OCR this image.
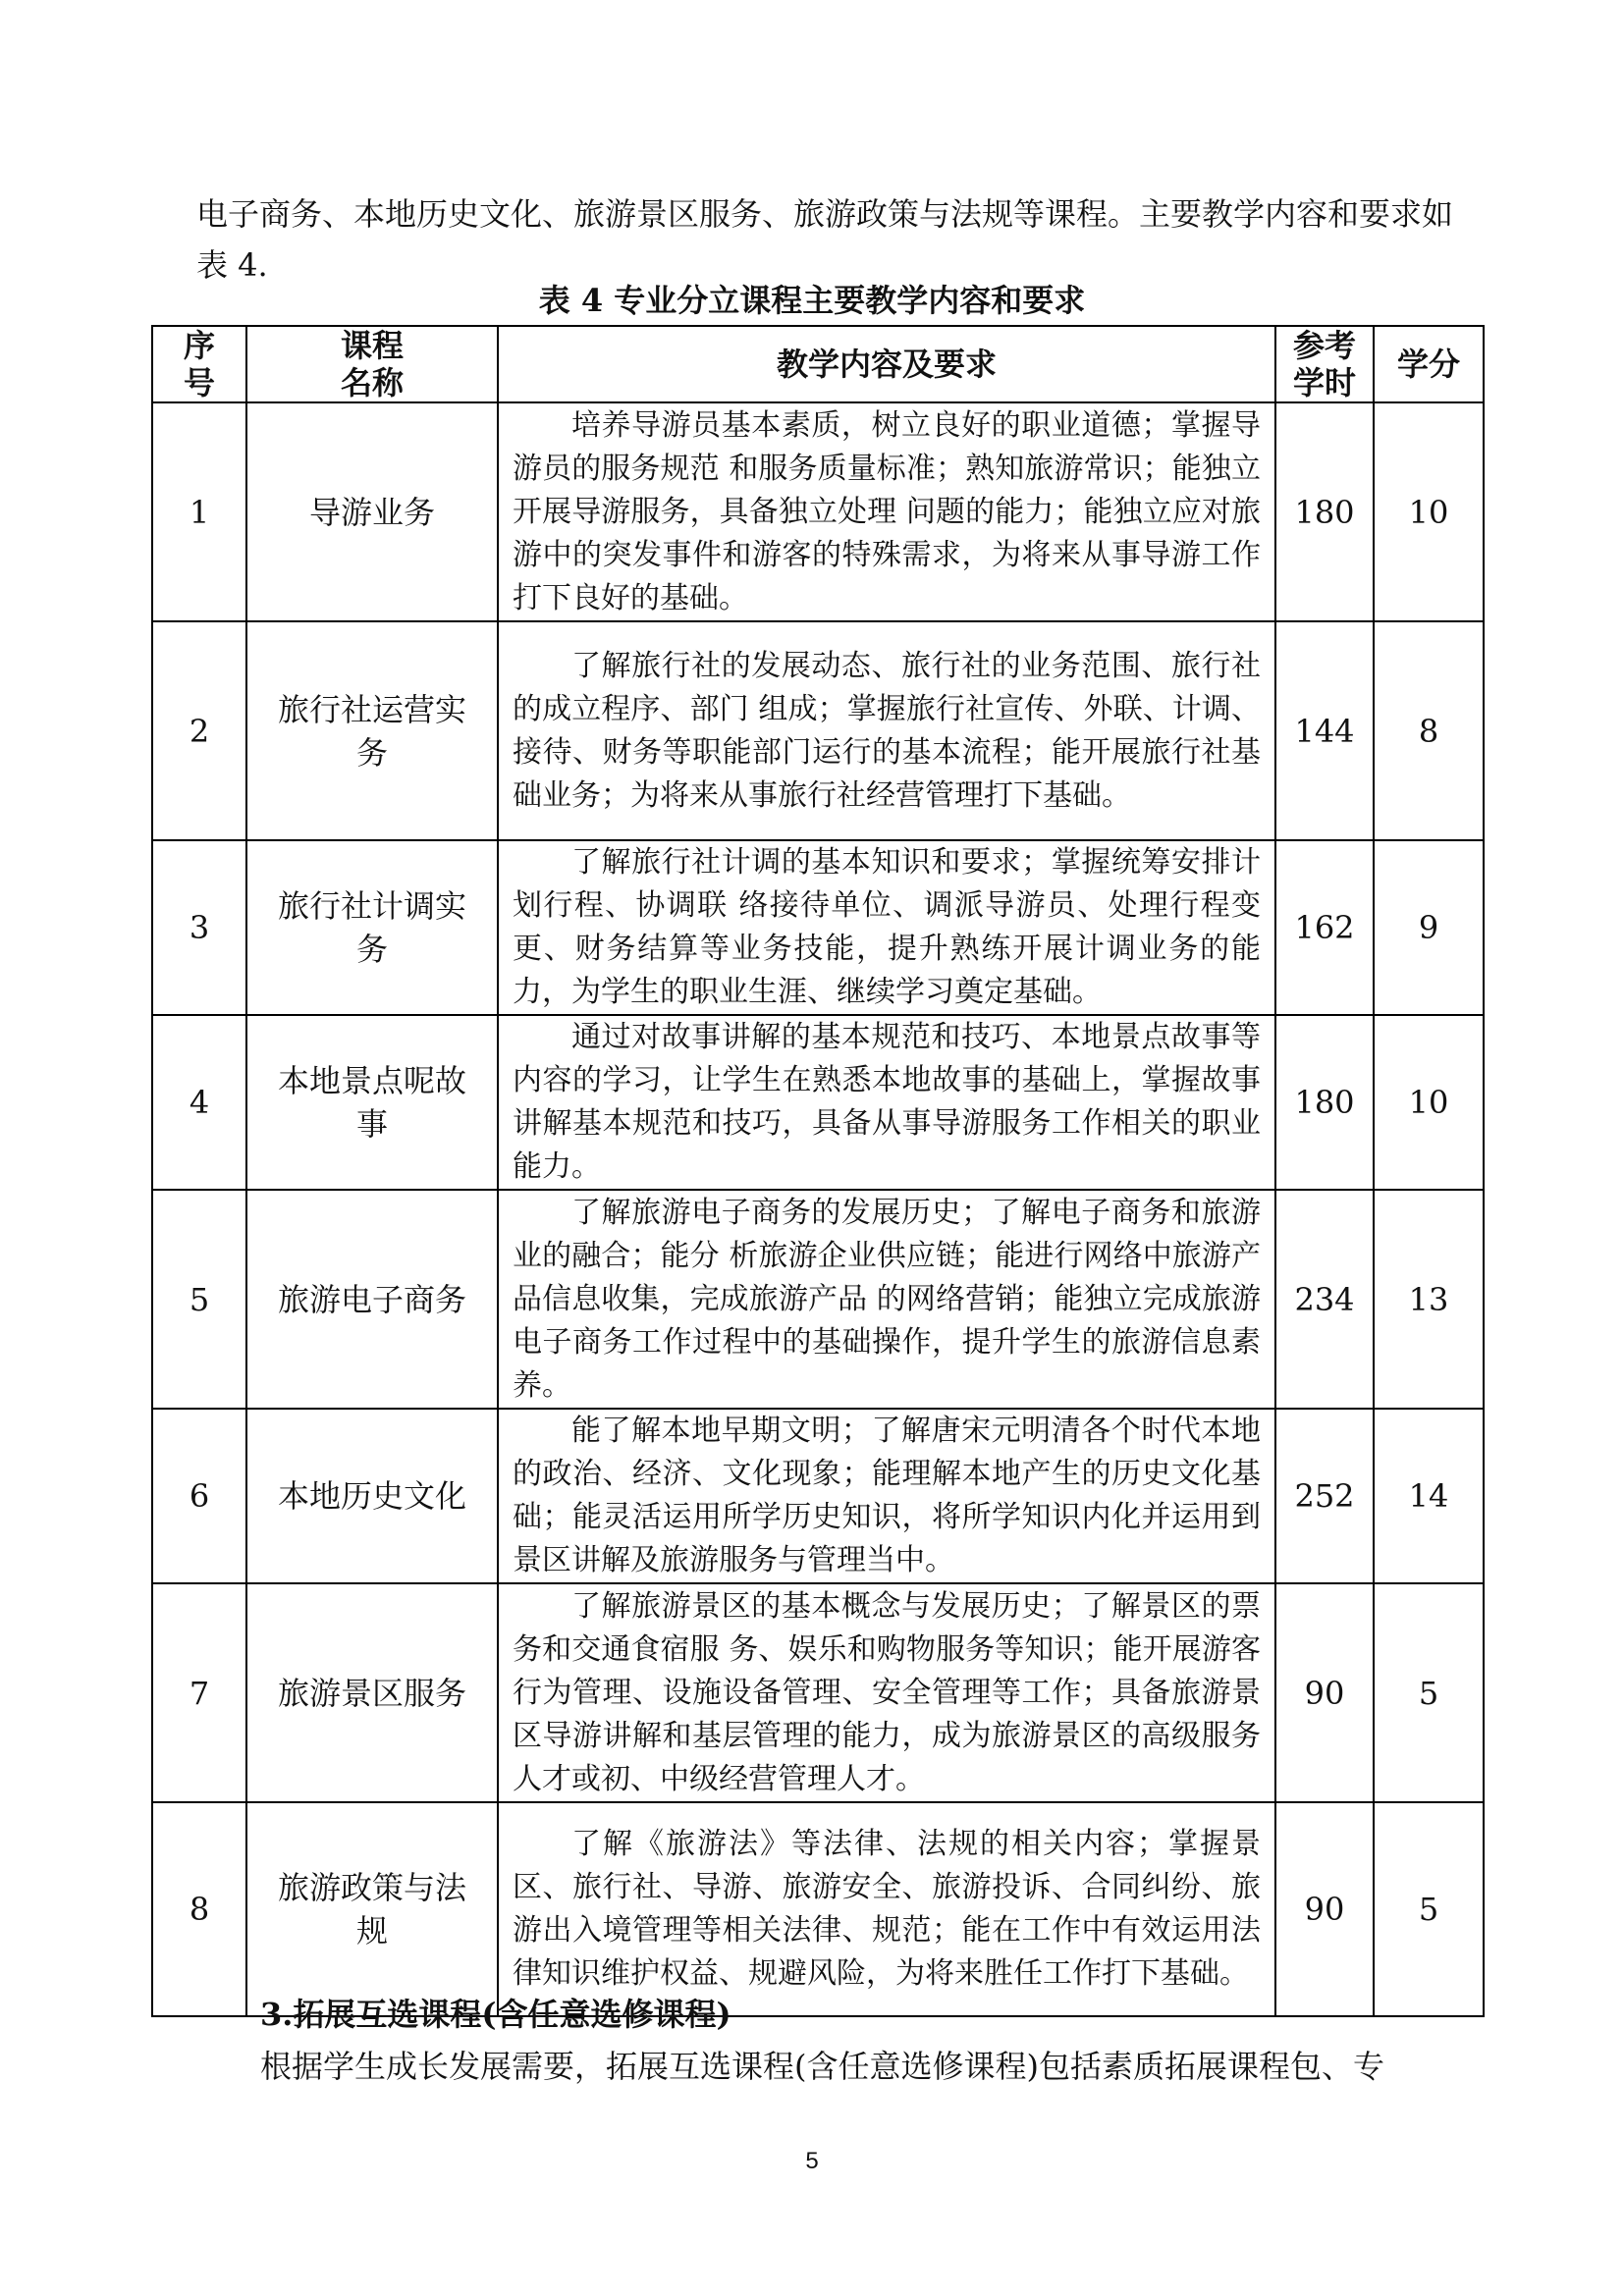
电子商务、本地历史文化、旅游景区服务、旅游政策与法规等课程。主要教学内容和要求如表 4.

表 4 专业分立课程主要教学内容和要求

序号	课程名称	教学内容及要求	参考学时	学分
1	导游业务	培养导游员基本素质，树立良好的职业道德；掌握导游员的服务规范 和服务质量标准；熟知旅游常识；能独立开展导游服务，具备独立处理 问题的能力；能独立应对旅游中的突发事件和游客的特殊需求，为将来从事导游工作打下良好的基础。	180	10
2	旅行社运营实务	了解旅行社的发展动态、旅行社的业务范围、旅行社的成立程序、部门 组成；掌握旅行社宣传、外联、计调、接待、财务等职能部门运行的基本流程；能开展旅行社基础业务；为将来从事旅行社经营管理打下基础。	144	8
3	旅行社计调实务	了解旅行社计调的基本知识和要求；掌握统筹安排计划行程、协调联 络接待单位、调派导游员、处理行程变更、财务结算等业务技能，提升熟练开展计调业务的能力，为学生的职业生涯、继续学习奠定基础。	162	9
4	本地景点呢故事	通过对故事讲解的基本规范和技巧、本地景点故事等内容的学习，让学生在熟悉本地故事的基础上，掌握故事讲解基本规范和技巧，具备从事导游服务工作相关的职业能力。	180	10
5	旅游电子商务	了解旅游电子商务的发展历史；了解电子商务和旅游业的融合；能分 析旅游企业供应链；能进行网络中旅游产品信息收集，完成旅游产品 的网络营销；能独立完成旅游电子商务工作过程中的基础操作，提升学生的旅游信息素养。	234	13
6	本地历史文化	能了解本地早期文明；了解唐宋元明清各个时代本地的政治、经济、文化现象；能理解本地产生的历史文化基础；能灵活运用所学历史知识，将所学知识内化并运用到景区讲解及旅游服务与管理当中。	252	14
7	旅游景区服务	了解旅游景区的基本概念与发展历史；了解景区的票务和交通食宿服 务、娱乐和购物服务等知识；能开展游客行为管理、设施设备管理、安全管理等工作；具备旅游景区导游讲解和基层管理的能力，成为旅游景区的高级服务人才或初、中级经营管理人才。	90	5
8	旅游政策与法规	了解《旅游法》等法律、法规的相关内容；掌握景区、旅行社、导游、旅游安全、旅游投诉、合同纠纷、旅游出入境管理等相关法律、规范；能在工作中有效运用法律知识维护权益、规避风险，为将来胜任工作打下基础。	90	5

3.拓展互选课程(含任意选修课程)

根据学生成长发展需要，拓展互选课程(含任意选修课程)包括素质拓展课程包、专

5
